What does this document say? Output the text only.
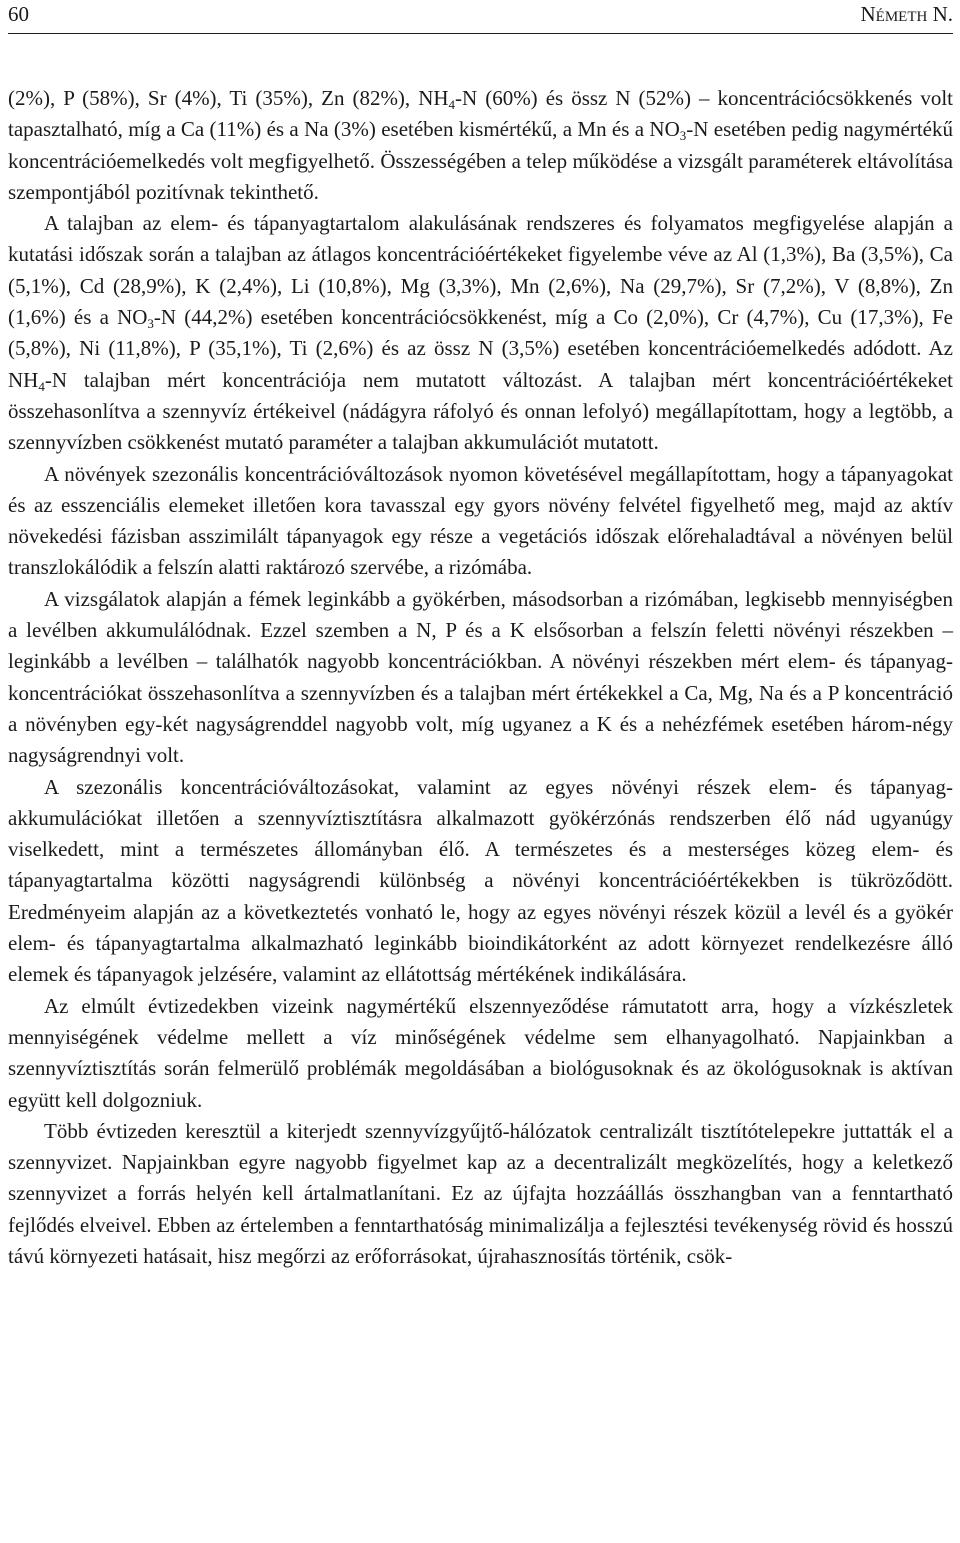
60	Németh N.

(2%), P (58%), Sr (4%), Ti (35%), Zn (82%), $NH_4-N$ (60%) és össz N (52%) – koncentrációcsökkenés volt tapasztalható, míg a Ca (11%) és a Na (3%) esetében kismértékű, a Mn és a $NO_3-N$ esetében pedig nagymértékű koncentrációemelkedés volt megfigyelhető. Összességében a telep működése a vizsgált paraméterek eltávolítása szempontjából pozitívnak tekinthető.

A talajban az elem- és tápanyagtartalom alakulásának rendszeres és folyamatos megfigyelése alapján a kutatási időszak során a talajban az átlagos koncentrációértékeket figyelembe véve az Al (1,3%), Ba (3,5%), Ca (5,1%), Cd (28,9%), K (2,4%), Li (10,8%), Mg (3,3%), Mn (2,6%), Na (29,7%), Sr (7,2%), V (8,8%), Zn (1,6%) és a $NO_3-N$ (44,2%) esetében koncentrációcsökkenést, míg a Co (2,0%), Cr (4,7%), Cu (17,3%), Fe (5,8%), Ni (11,8%), P (35,1%), Ti (2,6%) és az össz N (3,5%) esetében koncentrációemelkedés adódott. Az $NH_4-N$ talajban mért koncentrációja nem mutatott változást. A talajban mért koncentrációértékeket összehasonlítva a szennyvíz értékeivel (nádágyra ráfolyó és onnan lefolyó) megállapítottam, hogy a legtöbb, a szennyvízben csökkenést mutató paraméter a talajban akkumulációt mutatott.

A növények szezonális koncentrációváltozások nyomon követésével megállapítottam, hogy a tápanyagokat és az esszenciális elemeket illetően kora tavasszal egy gyors növény felvétel figyelhető meg, majd az aktív növekedési fázisban asszimilált tápanyagok egy része a vegetációs időszak előrehaladtával a növényen belül transzlokálódik a felszín alatti raktározó szervébe, a rizómába.

A vizsgálatok alapján a fémek leginkább a gyökérben, másodsorban a rizómában, legkisebb mennyiségben a levélben akkumulálódnak. Ezzel szemben a N, P és a K elsősorban a felszín feletti növényi részekben – leginkább a levélben – találhatók nagyobb koncentrációkban. A növényi részekben mért elem- és tápanyag-koncentrációkat összehasonlítva a szennyvízben és a talajban mért értékekkel a Ca, Mg, Na és a P koncentráció a növényben egy-két nagyságrenddel nagyobb volt, míg ugyanez a K és a nehézfémek esetében három-négy nagyságrendnyi volt.

A szezonális koncentrációváltozásokat, valamint az egyes növényi részek elem- és tápanyag-akkumulációkat illetően a szennyvíztisztításra alkalmazott gyökérzónás rendszerben élő nád ugyanúgy viselkedett, mint a természetes állományban élő. A természetes és a mesterséges közeg elem- és tápanyagtartalma közötti nagyságrendi különbség a növényi koncentrációértékekben is tükröződött. Eredményeim alapján az a következtetés vonható le, hogy az egyes növényi részek közül a levél és a gyökér elem- és tápanyagtartalma alkalmazható leginkább bioindikátorként az adott környezet rendelkezésre álló elemek és tápanyagok jelzésére, valamint az ellátottság mértékének indikálására.

Az elmúlt évtizedekben vizeink nagymértékű elszennyeződése rámutatott arra, hogy a vízkészletek mennyiségének védelme mellett a víz minőségének védelme sem elhanyagolható. Napjainkban a szennyvíztisztítás során felmerülő problémák megoldásában a biológusoknak és az ökológusoknak is aktívan együtt kell dolgozniuk.

Több évtizeden keresztül a kiterjedt szennyvízgyűjtő-hálózatok centralizált tisztítótelepekre juttatták el a szennyvizet. Napjainkban egyre nagyobb figyelmet kap az a decentralizált megközelítés, hogy a keletkező szennyvizet a forrás helyén kell ártalmatlanítani. Ez az újfajta hozzáállás összhangban van a fenntartható fejlődés elveivel. Ebben az értelemben a fenntarthatóság minimalizálja a fejlesztési tevékenység rövid és hosszú távú környezeti hatásait, hisz megőrzi az erőforrásokat, újrahasznosítás történik, csök-
